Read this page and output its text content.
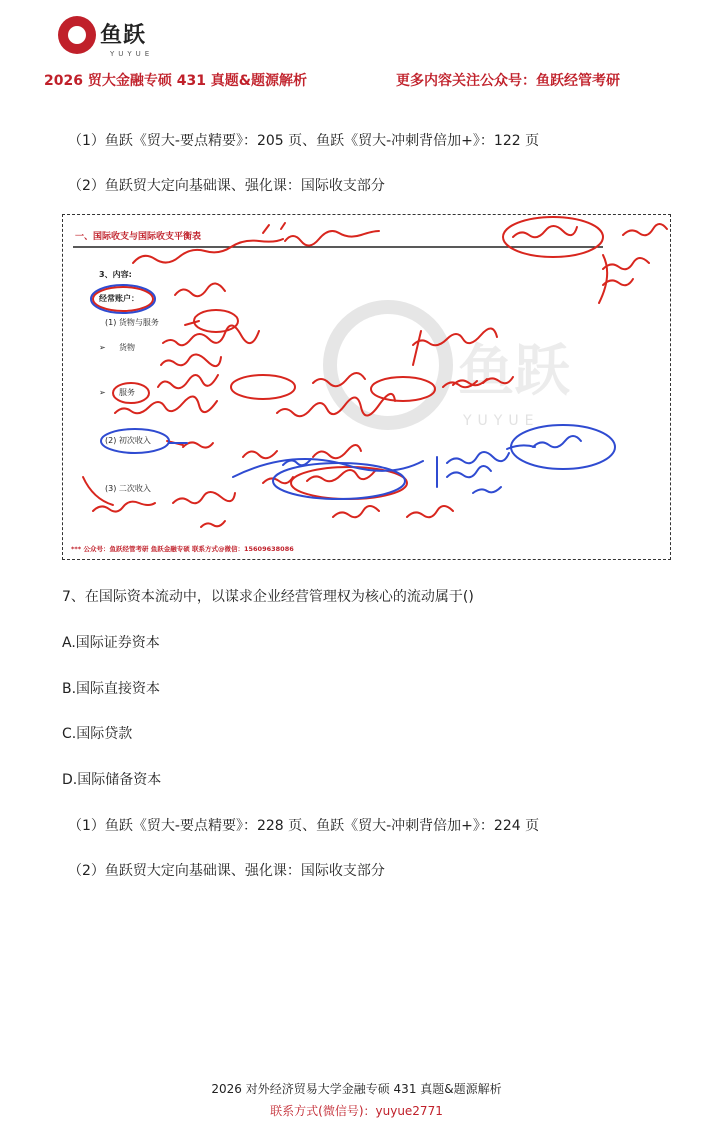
鱼跃
YUYUE
2026 贸大金融专硕 431 真题&题源解析	更多内容关注公众号：鱼跃经管考研
（1）鱼跃《贸大-要点精要》：205 页、鱼跃《贸大-冲刺背倍加+》：122 页
（2）鱼跃贸大定向基础课、强化课：国际收支部分
鱼跃
YUYUE
一、国际收支与国际收支平衡表
3、内容:
经常账户：
(1) 货物与服务
➢ 货物
➢ 服务
(2) 初次收入
(3) 二次收入
*** 公众号：鱼跃经管考研 鱼跃金融专硕 联系方式@微信：15609638086
7、在国际资本流动中，以谋求企业经营管理权为核心的流动属于()
A.国际证券资本
B.国际直接资本
C.国际贷款
D.国际储备资本
（1）鱼跃《贸大-要点精要》：228 页、鱼跃《贸大-冲刺背倍加+》：224 页
（2）鱼跃贸大定向基础课、强化课：国际收支部分
2026 对外经济贸易大学金融专硕 431 真题&题源解析
联系方式(微信号)：yuyue2771
